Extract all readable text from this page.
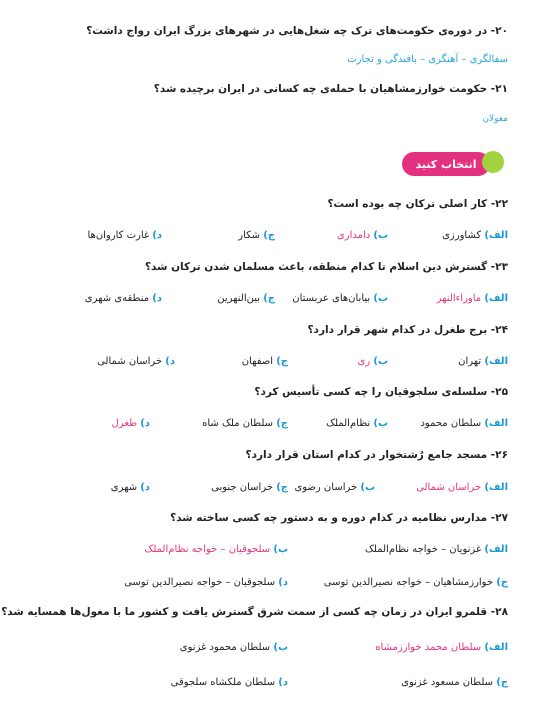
۲۰- در دوره‌ی حکومت‌های ترک چه شغل‌هایی در شهرهای بزرگ ایران رواج داشت؟
سفالگری – آهنگری – بافندگی و تجارت
۲۱- حکومت خوارزمشاهیان با حمله‌ی چه کسانی در ایران برچیده شد؟
مغولان
انتخاب کنید
۲۲- کار اصلی ترکان چه بوده است؟
الف) کشاورزی
ب) دامداری
ج) شکار
د) غارت کاروان‌ها
۲۳- گسترش دین اسلام تا کدام منطقه، باعث مسلمان شدن ترکان شد؟
الف) ماوراءالنهر
ب) بیابان‌های عربستان
ج) بین‌النهرین
د) منطقه‌ی شهری
۲۴- برج طغرل در کدام شهر قرار دارد؟
الف) تهران
ب) ری
ج) اصفهان
د) خراسان شمالی
۲۵- سلسله‌ی سلجوقیان را چه کسی تأسیس کرد؟
الف) سلطان محمود
ب) نظام‌الملک
ج) سلطان ملک شاه
د) طغرل
۲۶- مسجد جامع رُشتخوار در کدام استان قرار دارد؟
الف) خراسان شمالی
ب) خراسان رضوی
ج) خراسان جنوبی
د) شهری
۲۷- مدارس نظامیه در کدام دوره و به دستور چه کسی ساخته شد؟
الف) غزنویان – خواجه نظام‌الملک
ب) سلجوقیان – خواجه نظام‌الملک
ج) خوارزمشاهیان – خواجه نصیرالدین توسی
د) سلجوقیان – خواجه نصیرالدین توسی
۲۸- قلمرو ایران در زمان چه کسی از سمت شرق گسترش یافت و کشور ما با مغول‌ها همسایه شد؟
الف) سلطان محمد خوارزمشاه
ب) سلطان محمود غزنوی
ج) سلطان مسعود غزنوی
د) سلطان ملکشاه سلجوقی
